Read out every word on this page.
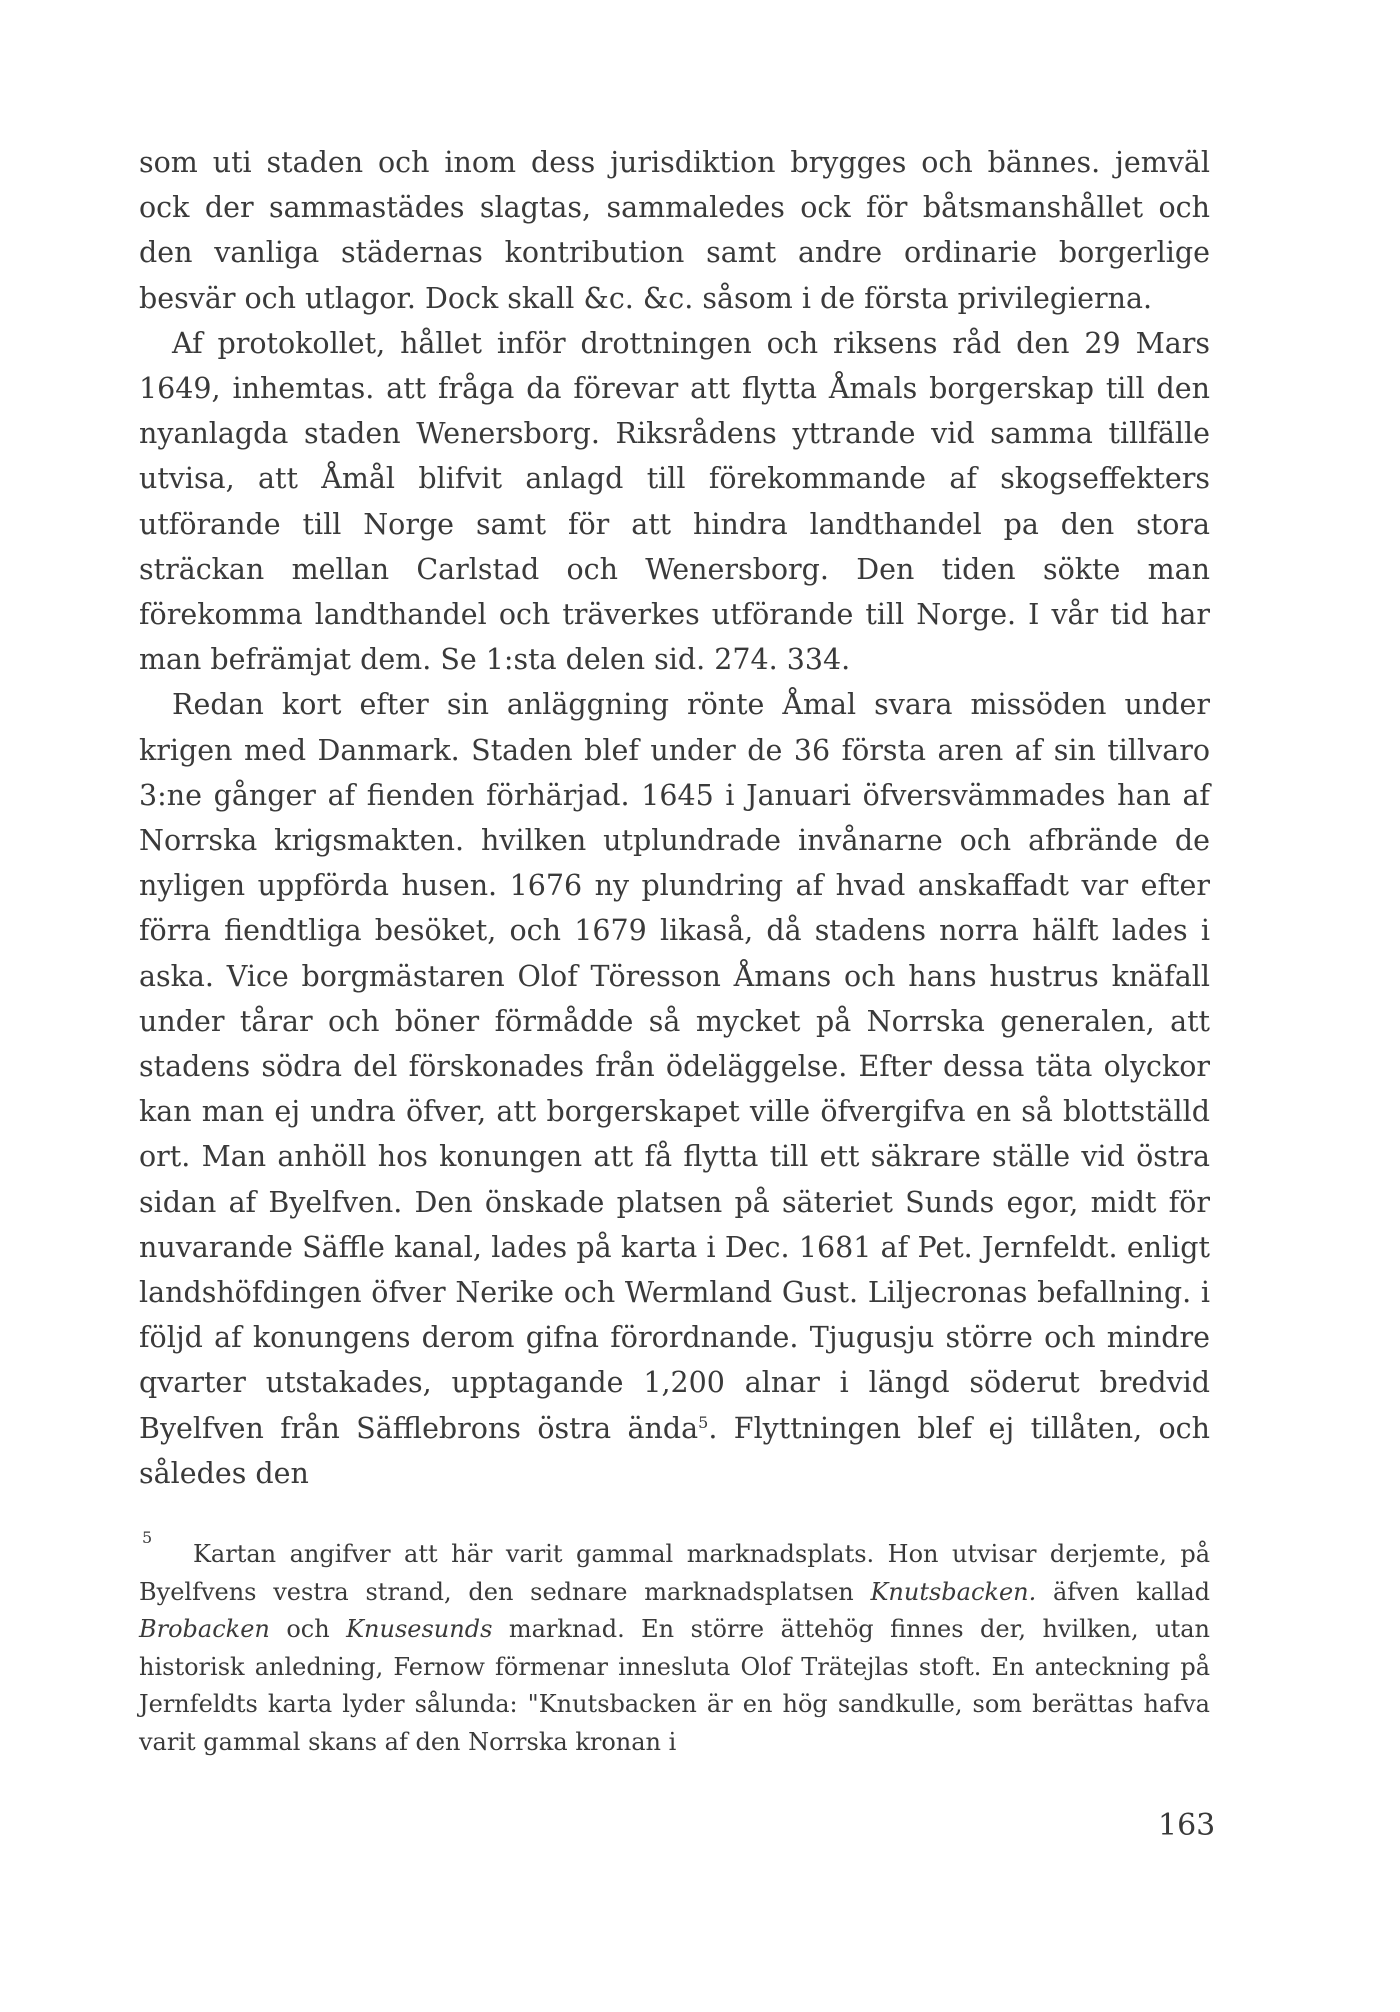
som uti staden och inom dess jurisdiktion brygges och bännes. jemväl ock der sammastädes slagtas, sammaledes ock för båtsmanshållet och den vanliga städernas kontribution samt andre ordinarie borgerlige besvär och utlagor. Dock skall &c. &c. såsom i de första privilegierna.

Af protokollet, hållet inför drottningen och riksens råd den 29 Mars 1649, inhemtas. att fråga da förevar att flytta Åmals borgerskap till den nyanlagda staden Wenersborg. Riksrådens yttrande vid samma tillfälle utvisa, att Åmål blifvit anlagd till förekommande af skogseffekters utförande till Norge samt för att hindra landthandel pa den stora sträckan mellan Carlstad och Wenersborg. Den tiden sökte man förekomma landthandel och träverkes utförande till Norge. I vår tid har man befrämjat dem. Se 1:sta delen sid. 274. 334.

Redan kort efter sin anläggning rönte Åmal svara missöden under krigen med Danmark. Staden blef under de 36 första aren af sin tillvaro 3:ne gånger af fienden förhärjad. 1645 i Januari öfversvämmades han af Norrska krigsmakten. hvilken utplundrade invånarne och afbrände de nyligen uppförda husen. 1676 ny plundring af hvad anskaffadt var efter förra fiendtliga besöket, och 1679 likaså, då stadens norra hälft lades i aska. Vice borgmästaren Olof Töresson Åmans och hans hustrus knäfall under tårar och böner förmådde så mycket på Norrska generalen, att stadens södra del förskonades från ödeläggelse. Efter dessa täta olyckor kan man ej undra öfver, att borgerskapet ville öfvergifva en så blottställd ort. Man anhöll hos konungen att få flytta till ett säkrare ställe vid östra sidan af Byelfven. Den önskade platsen på säteriet Sunds egor, midt för nuvarande Säffle kanal, lades på karta i Dec. 1681 af Pet. Jernfeldt. enligt landshöfdingen öfver Nerike och Wermland Gust. Liljecronas befallning. i följd af konungens derom gifna förordnande. Tjugusju större och mindre qvarter utstakades, upptagande 1,200 alnar i längd söderut bredvid Byelfven från Säfflebrons östra ända$^5$. Flyttningen blef ej tillåten, och således den

5
Kartan angifver att här varit gammal marknadsplats. Hon utvisar derjemte, på Byelfvens vestra strand, den sednare marknadsplatsen Knutsbacken. äfven kallad Brobacken och Knusesunds marknad. En större ättehög finnes der, hvilken, utan historisk anledning, Fernow förmenar innesluta Olof Trätejlas stoft. En anteckning på Jernfeldts karta lyder sålunda: "Knutsbacken är en hög sandkulle, som berättas hafva varit gammal skans af den Norrska kronan i

163
